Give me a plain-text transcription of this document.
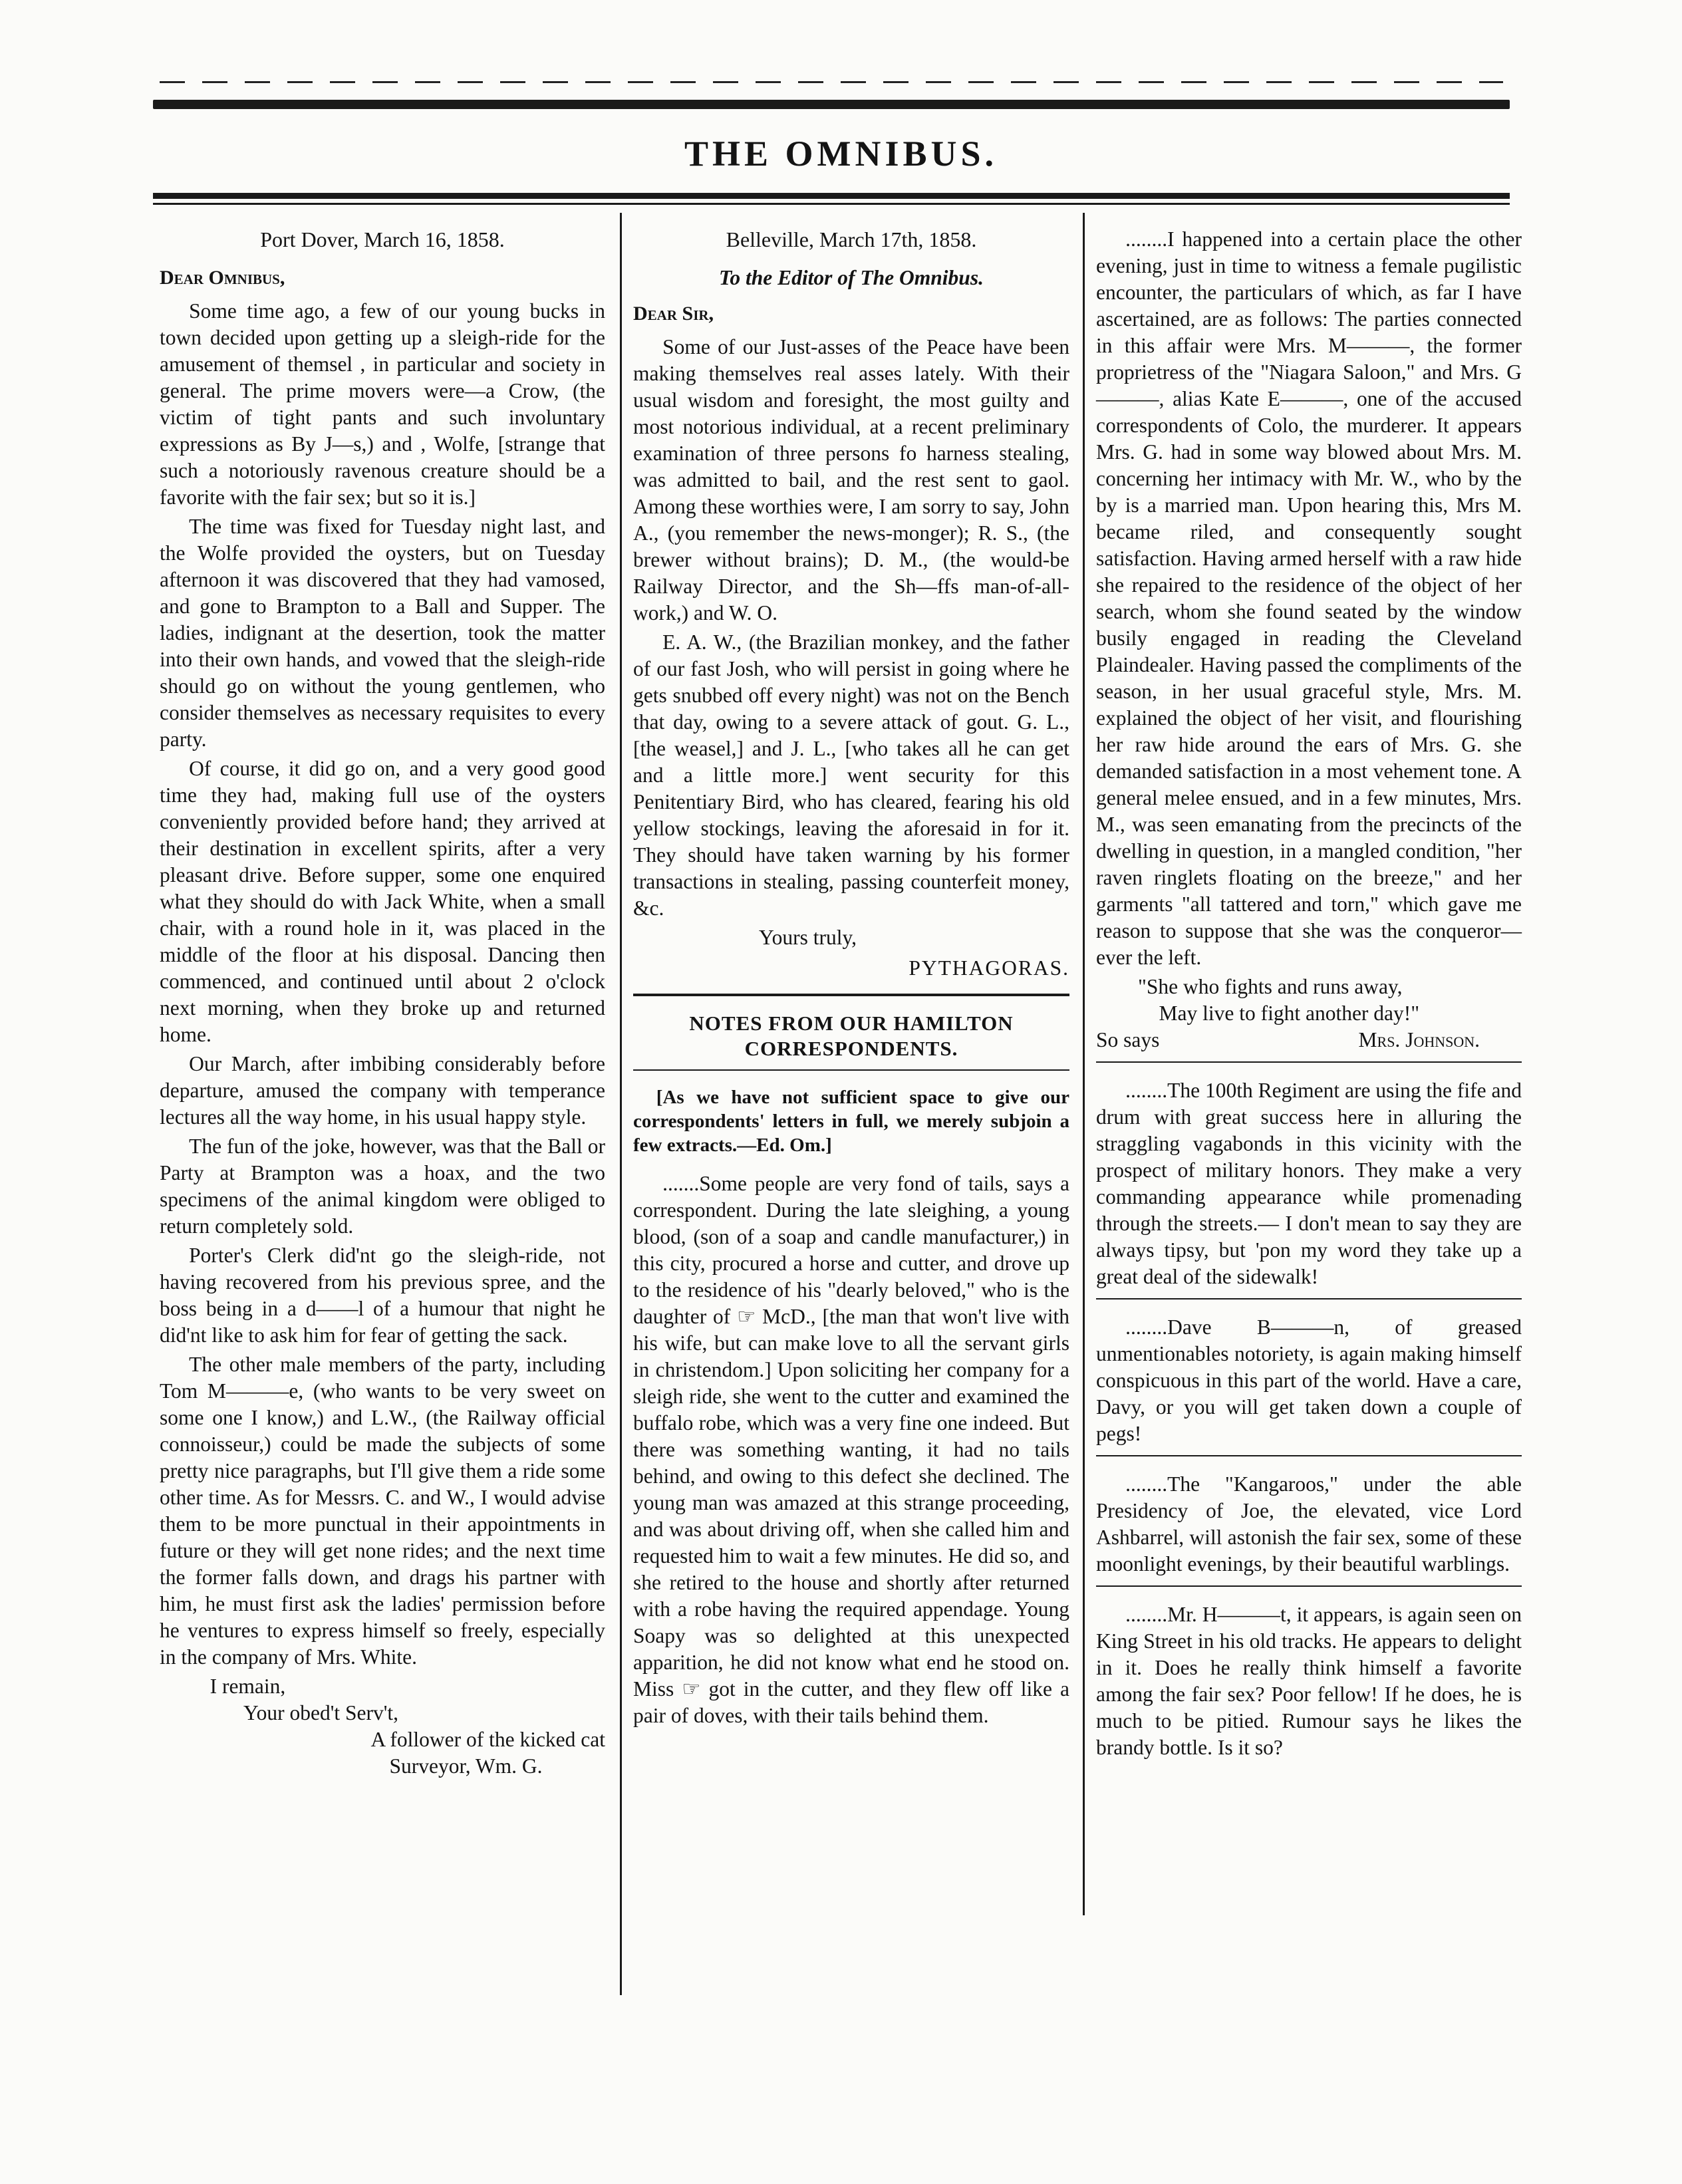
THE OMNIBUS.

Port Dover, March 16, 1858.

Dear Omnibus,

Some time ago, a few of our young bucks in town decided upon getting up a sleigh-ride for the amusement of themsel , in particular and society in general. The prime movers were—a Crow, (the victim of tight pants and such involuntary expressions as By J—s,) and , Wolfe, [strange that such a notoriously ravenous creature should be a favorite with the fair sex; but so it is.]

The time was fixed for Tuesday night last, and the Wolfe provided the oysters, but on Tuesday afternoon it was discovered that they had vamosed, and gone to Brampton to a Ball and Supper. The ladies, indignant at the desertion, took the matter into their own hands, and vowed that the sleigh-ride should go on without the young gentlemen, who consider themselves as necessary requisites to every party.

Of course, it did go on, and a very good good time they had, making full use of the oysters conveniently provided before hand; they arrived at their destination in excellent spirits, after a very pleasant drive. Before supper, some one enquired what they should do with Jack White, when a small chair, with a round hole in it, was placed in the middle of the floor at his disposal. Dancing then commenced, and continued until about 2 o'clock next morning, when they broke up and returned home.

Our March, after imbibing considerably before departure, amused the company with temperance lectures all the way home, in his usual happy style.

The fun of the joke, however, was that the Ball or Party at Brampton was a hoax, and the two specimens of the animal kingdom were obliged to return completely sold.

Porter's Clerk did'nt go the sleigh-ride, not having recovered from his previous spree, and the boss being in a d——l of a humour that night he did'nt like to ask him for fear of getting the sack.

The other male members of the party, including Tom M———e, (who wants to be very sweet on some one I know,) and L.W., (the Railway official connoisseur,) could be made the subjects of some pretty nice paragraphs, but I'll give them a ride some other time. As for Messrs. C. and W., I would advise them to be more punctual in their appointments in future or they will get none rides; and the next time the former falls down, and drags his partner with him, he must first ask the ladies' permission before he ventures to express himself so freely, especially in the company of Mrs. White.

I remain,

Your obed't Serv't,

A follower of the kicked cat

Surveyor, Wm. G.

Belleville, March 17th, 1858.

To the Editor of The Omnibus.

Dear Sir,

Some of our Just-asses of the Peace have been making themselves real asses lately. With their usual wisdom and foresight, the most guilty and most notorious individual, at a recent preliminary examination of three persons fo harness stealing, was admitted to bail, and the rest sent to gaol. Among these worthies were, I am sorry to say, John A., (you remember the news-monger); R. S., (the brewer without brains); D. M., (the would-be Railway Director, and the Sh—ffs man-of-all-work,) and W. O.

E. A. W., (the Brazilian monkey, and the father of our fast Josh, who will persist in going where he gets snubbed off every night) was not on the Bench that day, owing to a severe attack of gout. G. L., [the weasel,] and J. L., [who takes all he can get and a little more.] went security for this Penitentiary Bird, who has cleared, fearing his old yellow stockings, leaving the aforesaid in for it. They should have taken warning by his former transactions in stealing, passing counterfeit money, &c.

Yours truly,

PYTHAGORAS.

NOTES FROM OUR HAMILTON CORRESPONDENTS.

[As we have not sufficient space to give our correspondents' letters in full, we merely subjoin a few extracts.—Ed. Om.]

.......Some people are very fond of tails, says a correspondent. During the late sleighing, a young blood, (son of a soap and candle manufacturer,) in this city, procured a horse and cutter, and drove up to the residence of his "dearly beloved," who is the daughter of ☞ McD., [the man that won't live with his wife, but can make love to all the servant girls in christendom.] Upon soliciting her company for a sleigh ride, she went to the cutter and examined the buffalo robe, which was a very fine one indeed. But there was something wanting, it had no tails behind, and owing to this defect she declined. The young man was amazed at this strange proceeding, and was about driving off, when she called him and requested him to wait a few minutes. He did so, and she retired to the house and shortly after returned with a robe having the required appendage. Young Soapy was so delighted at this unexpected apparition, he did not know what end he stood on. Miss ☞ got in the cutter, and they flew off like a pair of doves, with their tails behind them.

........I happened into a certain place the other evening, just in time to witness a female pugilistic encounter, the particulars of which, as far I have ascertained, are as follows: The parties connected in this affair were Mrs. M———, the former proprietress of the "Niagara Saloon," and Mrs. G———, alias Kate E———, one of the accused correspondents of Colo, the murderer. It appears Mrs. G. had in some way blowed about Mrs. M. concerning her intimacy with Mr. W., who by the by is a married man. Upon hearing this, Mrs M. became riled, and consequently sought satisfaction. Having armed herself with a raw hide she repaired to the residence of the object of her search, whom she found seated by the window busily engaged in reading the Cleveland Plaindealer. Having passed the compliments of the season, in her usual graceful style, Mrs. M. explained the object of her visit, and flourishing her raw hide around the ears of Mrs. G. she demanded satisfaction in a most vehement tone. A general melee ensued, and in a few minutes, Mrs. M., was seen emanating from the precincts of the dwelling in question, in a mangled condition, "her raven ringlets floating on the breeze," and her garments "all tattered and torn," which gave me reason to suppose that she was the conqueror—ever the left.

"She who fights and runs away,

May live to fight another day!"

So says	Mrs. Johnson.

........The 100th Regiment are using the fife and drum with great success here in alluring the straggling vagabonds in this vicinity with the prospect of military honors. They make a very commanding appearance while promenading through the streets.— I don't mean to say they are always tipsy, but 'pon my word they take up a great deal of the sidewalk!

........Dave B———n, of greased unmentionables notoriety, is again making himself conspicuous in this part of the world. Have a care, Davy, or you will get taken down a couple of pegs!

........The "Kangaroos," under the able Presidency of Joe, the elevated, vice Lord Ashbarrel, will astonish the fair sex, some of these moonlight evenings, by their beautiful warblings.

........Mr. H———t, it appears, is again seen on King Street in his old tracks. He appears to delight in it. Does he really think himself a favorite among the fair sex? Poor fellow! If he does, he is much to be pitied. Rumour says he likes the brandy bottle. Is it so?
